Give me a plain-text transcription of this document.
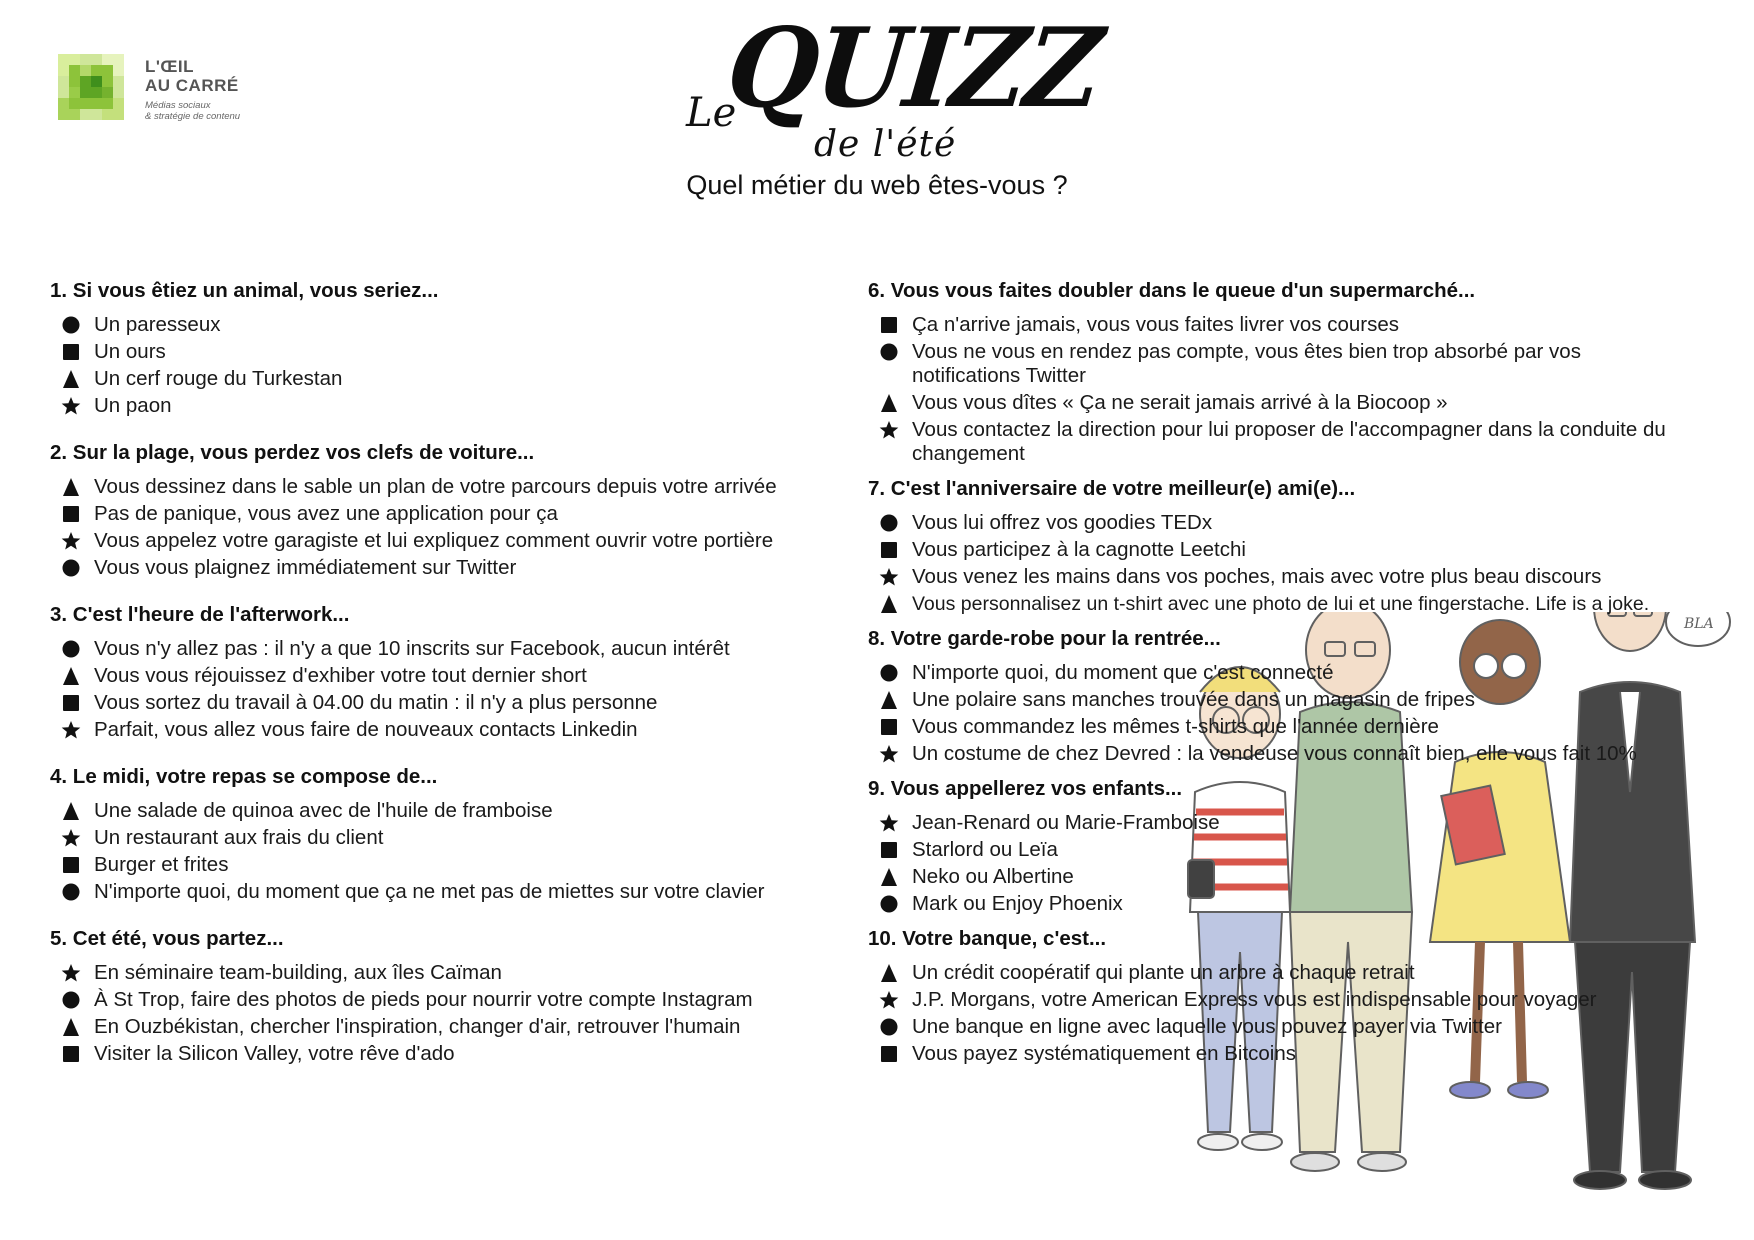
L'ŒIL
AU CARRÉ
Médias sociaux
& stratégie de contenu	Le
QUIZZ
de l'été
Quel métier du web êtes-vous ?
BLA
1. Si vous êtiez un animal, vous seriez...
Un paresseux
Un ours
Un cerf rouge du Turkestan
Un paon
2. Sur la plage, vous perdez vos clefs de voiture...
Vous dessinez dans le sable un plan de votre parcours depuis votre arrivée
Pas de panique, vous avez une application pour ça
Vous appelez votre garagiste et lui expliquez comment ouvrir votre portière
Vous vous plaignez immédiatement sur Twitter
3. C'est l'heure de l'afterwork...
Vous n'y allez pas : il n'y a que 10 inscrits sur Facebook, aucun intérêt
Vous vous réjouissez d'exhiber votre tout dernier short
Vous sortez du travail à 04.00 du matin : il n'y a plus personne
Parfait, vous allez vous faire de nouveaux contacts Linkedin
4. Le midi, votre repas se compose de...
Une salade de quinoa avec de l'huile de framboise
Un restaurant aux frais du client
Burger et frites
N'importe quoi, du moment que ça ne met pas de miettes sur votre clavier
5. Cet été, vous partez...
En séminaire team-building, aux îles Caïman
À St Trop, faire des photos de pieds pour nourrir votre compte Instagram
En Ouzbékistan, chercher l'inspiration, changer d'air, retrouver l'humain
Visiter la Silicon Valley, votre rêve d'ado
6. Vous vous faites doubler dans le queue d'un supermarché...
Ça n'arrive jamais, vous vous faites livrer vos courses
Vous ne vous en rendez pas compte, vous êtes bien trop absorbé par vos notifications Twitter
Vous vous dîtes « Ça ne serait jamais arrivé à la Biocoop »
Vous contactez la direction pour lui proposer de l'accompagner dans la conduite du changement
7. C'est l'anniversaire de votre meilleur(e) ami(e)...
Vous lui offrez vos goodies TEDx
Vous participez à la cagnotte Leetchi
Vous venez les mains dans vos poches, mais avec votre plus beau discours
Vous personnalisez un t-shirt avec une photo de lui et une fingerstache. Life is a joke.
8. Votre garde-robe pour la rentrée...
N'importe quoi, du moment que c'est connecté
Une polaire sans manches trouvée dans un magasin de fripes
Vous commandez les mêmes t-shirts que l'année dernière
Un costume de chez Devred : la vendeuse vous connaît bien, elle vous fait 10%
9. Vous appellerez vos enfants...
Jean-Renard ou Marie-Framboise
Starlord ou Leïa
Neko ou Albertine
Mark ou Enjoy Phoenix
10. Votre banque, c'est...
Un crédit coopératif qui plante un arbre à chaque retrait
J.P. Morgans, votre American Express vous est indispensable pour voyager
Une banque en ligne avec laquelle vous pouvez payer via Twitter
Vous payez systématiquement en Bitcoins
